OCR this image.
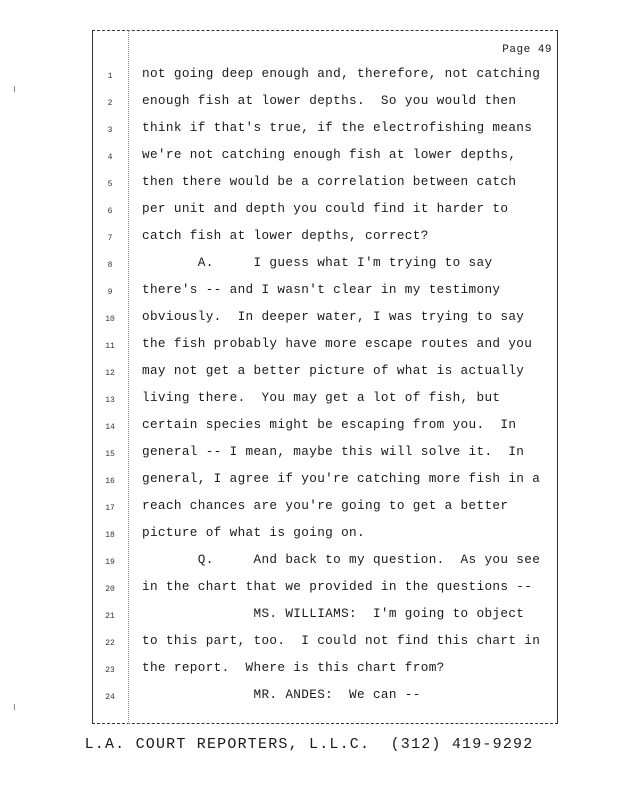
Page 49
1	not going deep enough and, therefore, not catching
2	enough fish at lower depths.  So you would then
3	think if that's true, if the electrofishing means
4	we're not catching enough fish at lower depths,
5	then there would be a correlation between catch
6	per unit and depth you could find it harder to
7	catch fish at lower depths, correct?
8	A.     I guess what I'm trying to say
9	there's -- and I wasn't clear in my testimony
10	obviously.  In deeper water, I was trying to say
11	the fish probably have more escape routes and you
12	may not get a better picture of what is actually
13	living there.  You may get a lot of fish, but
14	certain species might be escaping from you.  In
15	general -- I mean, maybe this will solve it.  In
16	general, I agree if you're catching more fish in a
17	reach chances are you're going to get a better
18	picture of what is going on.
19	Q.     And back to my question.  As you see
20	in the chart that we provided in the questions --
21	MS. WILLIAMS:  I'm going to object
22	to this part, too.  I could not find this chart in
23	the report.  Where is this chart from?
24	MR. ANDES:  We can --
L.A. COURT REPORTERS, L.L.C.  (312) 419-9292
